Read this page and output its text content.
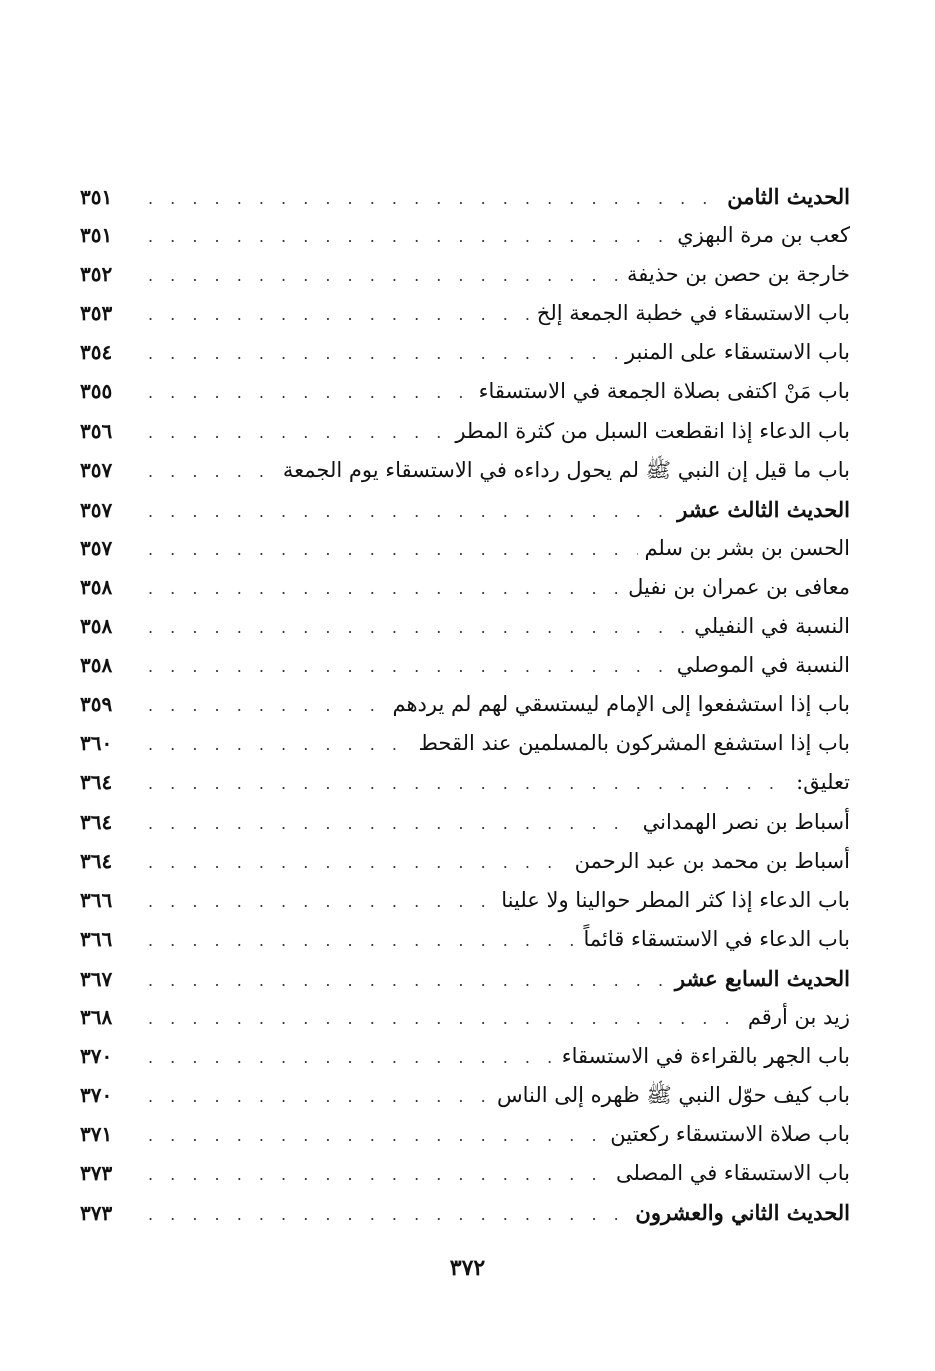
الحديث الثامن
. . .
٣٥١
كعب بن مرة البهزي
. . .
٣٥١
خارجة بن حصن بن حذيفة
. . .
٣٥٢
باب الاستسقاء في خطبة الجمعة إلخ
. . .
٣٥٣
باب الاستسقاء على المنبر
. . .
٣٥٤
باب مَنْ اكتفى بصلاة الجمعة في الاستسقاء
. . .
٣٥٥
باب الدعاء إذا انقطعت السبل من كثرة المطر
. . .
٣٥٦
باب ما قيل إن النبي ﷺ لم يحول رداءه في الاستسقاء يوم الجمعة
. . .
٣٥٧
الحديث الثالث عشر
. . .
٣٥٧
الحسن بن بشر بن سلم
. . .
٣٥٧
معافى بن عمران بن نفيل
. . .
٣٥٨
النسبة في النفيلي
. . .
٣٥٨
النسبة في الموصلي
. . .
٣٥٨
باب إذا استشفعوا إلى الإمام ليستسقي لهم لم يردهم
. . .
٣٥٩
باب إذا استشفع المشركون بالمسلمين عند القحط
. . .
٣٦٠
تعليق:
. . .
٣٦٤
أسباط بن نصر الهمداني
. . .
٣٦٤
أسباط بن محمد بن عبد الرحمن
. . .
٣٦٤
باب الدعاء إذا كثر المطر حوالينا ولا علينا
. . .
٣٦٦
باب الدعاء في الاستسقاء قائماً
. . .
٣٦٦
الحديث السابع عشر
. . .
٣٦٧
زيد بن أرقم
. . .
٣٦٨
باب الجهر بالقراءة في الاستسقاء
. . .
٣٧٠
باب كيف حوّل النبي ﷺ ظهره إلى الناس
. . .
٣٧٠
باب صلاة الاستسقاء ركعتين
. . .
٣٧١
باب الاستسقاء في المصلى
. . .
٣٧٣
الحديث الثاني والعشرون
. . .
٣٧٣
٣٧٢
